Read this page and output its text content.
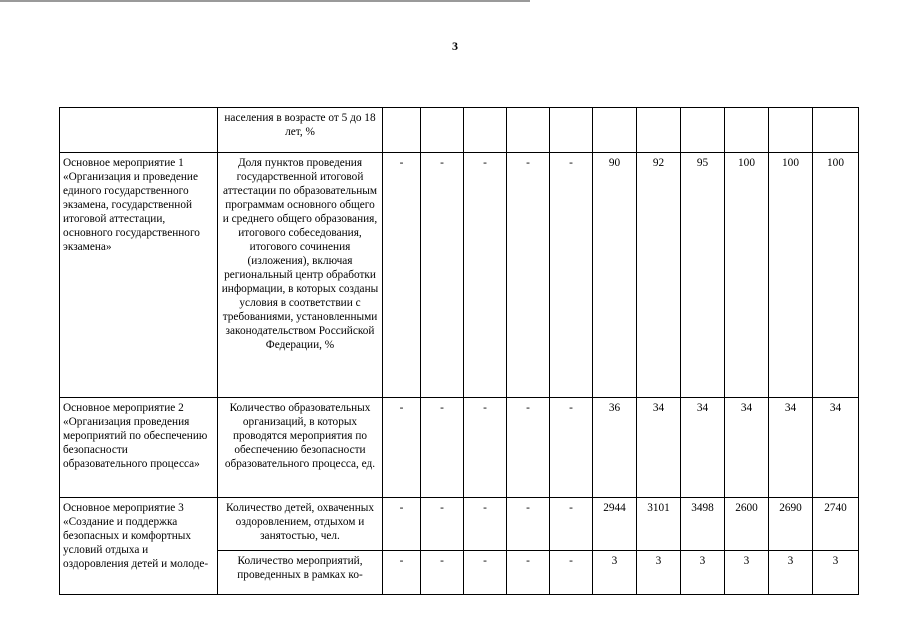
3
	населения в возрасте от 5 до 18 лет, %											
Основное мероприятие 1 «Организация и проведение единого государственного экзамена, государственной итоговой аттестации, основного государственного экзамена»	Доля пунктов проведения государственной итоговой аттестации по образовательным программам основного общего и среднего общего образования, итогового собеседования, итогового сочинения (изложения), включая региональный центр обработки информации, в которых созданы условия в соответствии с требованиями, установленными законодательством Российской Федерации, %	-	-	-	-	-	90	92	95	100	100	100
Основное мероприятие 2 «Организация проведения мероприятий по обеспечению безопасности образовательного процесса»	Количество образовательных организаций, в которых проводятся мероприятия по обеспечению безопасности образовательного процесса, ед.	-	-	-	-	-	36	34	34	34	34	34
Основное мероприятие 3 «Создание и поддержка безопасных и комфортных условий отдыха и оздоровления детей и молоде-	Количество детей, охваченных оздоровлением, отдыхом и занятостью, чел.	-	-	-	-	-	2944	3101	3498	2600	2690	2740
	Количество мероприятий, проведенных в рамках ко-	-	-	-	-	-	3	3	3	3	3	3
